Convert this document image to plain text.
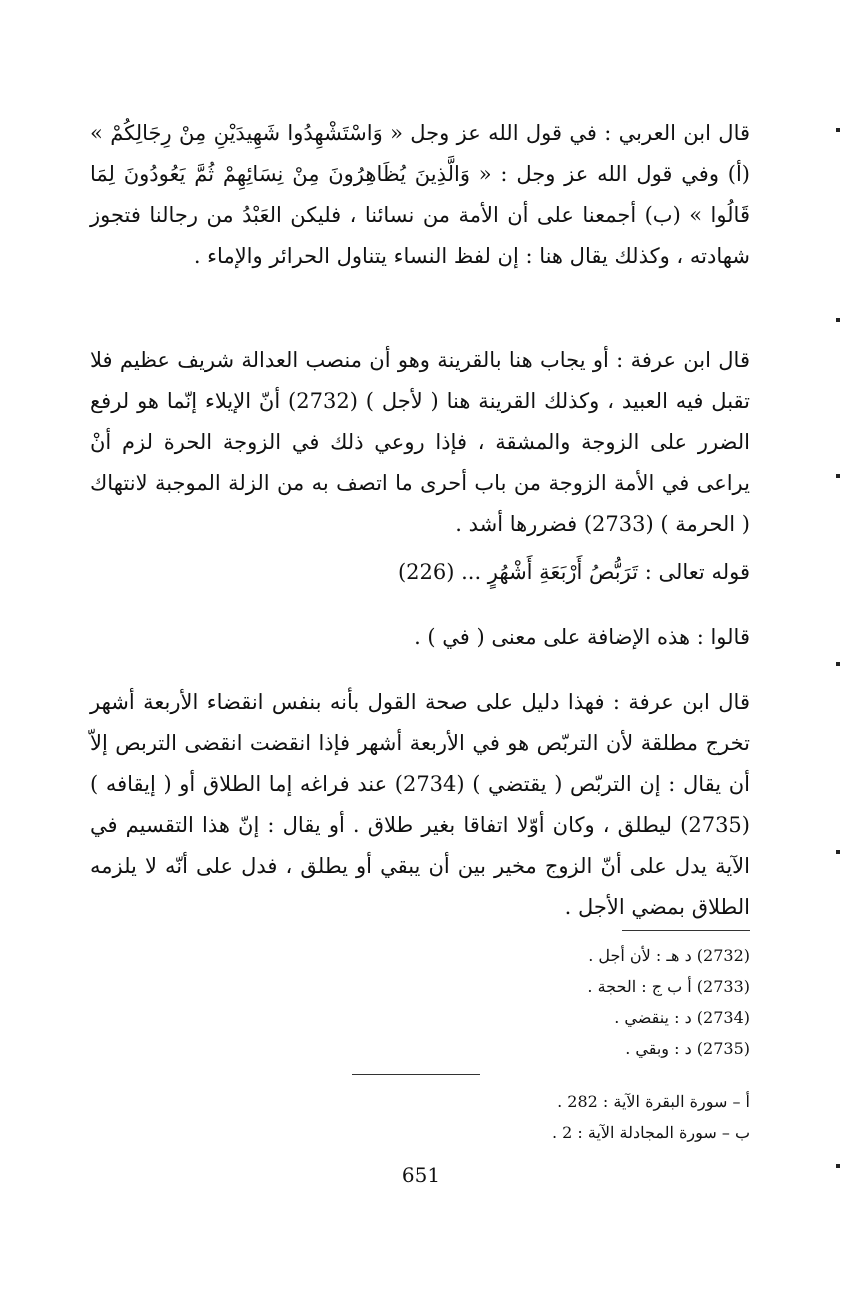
قال ابن العربي : في قول الله عز وجل « وَاسْتَشْهِدُوا شَهِيدَيْنِ مِنْ رِجَالِكُمْ » (أ) وفي قول الله عز وجل : « وَالَّذِينَ يُظَاهِرُونَ مِنْ نِسَائِهِمْ ثُمَّ يَعُودُونَ لِمَا قَالُوا » (ب) أجمعنا على أن الأمة من نسائنا ، فليكن العَبْدُ من رجالنا فتجوز شهادته ، وكذلك يقال هنا : إن لفظ النساء يتناول الحرائر والإماء .

قال ابن عرفة : أو يجاب هنا بالقرينة وهو أن منصب العدالة شريف عظيم فلا تقبل فيه العبيد ، وكذلك القرينة هنا ( لأجل ) (2732) أنّ الإيلاء إنّما هو لرفع الضرر على الزوجة والمشقة ، فإذا روعي ذلك في الزوجة الحرة لزم أنْ يراعى في الأمة الزوجة من باب أحرى ما اتصف به من الزلة الموجبة لانتهاك ( الحرمة ) (2733) فضررها أشد .

قوله تعالى : تَرَبُّصُ أَرْبَعَةِ أَشْهُرٍ ... (226)

قالوا : هذه الإضافة على معنى ( في ) .

قال ابن عرفة : فهذا دليل على صحة القول بأنه بنفس انقضاء الأربعة أشهر تخرج مطلقة لأن التربّص هو في الأربعة أشهر فإذا انقضت انقضى التربص إلاّ أن يقال : إن التربّص ( يقتضي ) (2734) عند فراغه إما الطلاق أو ( إيقافه ) (2735) ليطلق ، وكان أوّلا اتفاقا بغير طلاق . أو يقال : إنّ هذا التقسيم في الآية يدل على أنّ الزوج مخير بين أن يبقي أو يطلق ، فدل على أنّه لا يلزمه الطلاق بمضي الأجل .

(2732) د هـ : لأن أجل .
(2733) أ ب ج : الحجة .
(2734) د : ينقضي .
(2735) د : وبقي .
أ – سورة البقرة الآية : 282 .
ب – سورة المجادلة الآية : 2 .
651
